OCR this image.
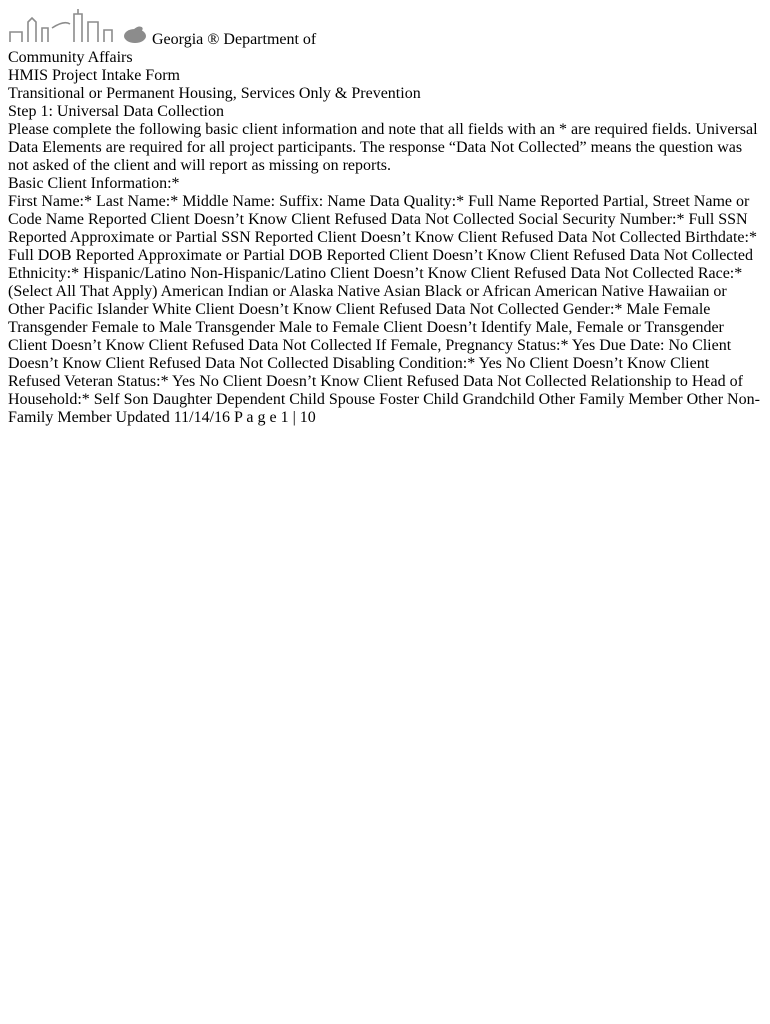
Georgia ® Department of
Community Affairs
HMIS Project Intake Form
Transitional or Permanent Housing, Services Only & Prevention
Step 1: Universal Data Collection
Please complete the following basic client information and note that all fields with an * are required fields. Universal Data Elements are required for all project participants. The response “Data Not Collected” means the question was not asked of the client and will report as missing on reports.
Basic Client Information:*
First Name:* Last Name:* Middle Name: Suffix: Name Data Quality:* Full Name Reported Partial, Street Name or Code Name Reported Client Doesn’t Know Client Refused Data Not Collected Social Security Number:* Full SSN Reported Approximate or Partial SSN Reported Client Doesn’t Know Client Refused Data Not Collected Birthdate:* Full DOB Reported Approximate or Partial DOB Reported Client Doesn’t Know Client Refused Data Not Collected Ethnicity:* Hispanic/Latino Non-Hispanic/Latino Client Doesn’t Know Client Refused Data Not Collected Race:* (Select All That Apply) American Indian or Alaska Native Asian Black or African American Native Hawaiian or Other Pacific Islander White Client Doesn’t Know Client Refused Data Not Collected Gender:* Male Female Transgender Female to Male Transgender Male to Female Client Doesn’t Identify Male, Female or Transgender Client Doesn’t Know Client Refused Data Not Collected If Female, Pregnancy Status:* Yes Due Date: No Client Doesn’t Know Client Refused Data Not Collected Disabling Condition:* Yes No Client Doesn’t Know Client Refused Veteran Status:* Yes No Client Doesn’t Know Client Refused Data Not Collected Relationship to Head of Household:* Self Son Daughter Dependent Child Spouse Foster Child Grandchild Other Family Member Other Non-Family Member Updated 11/14/16 P a g e 1 | 10
